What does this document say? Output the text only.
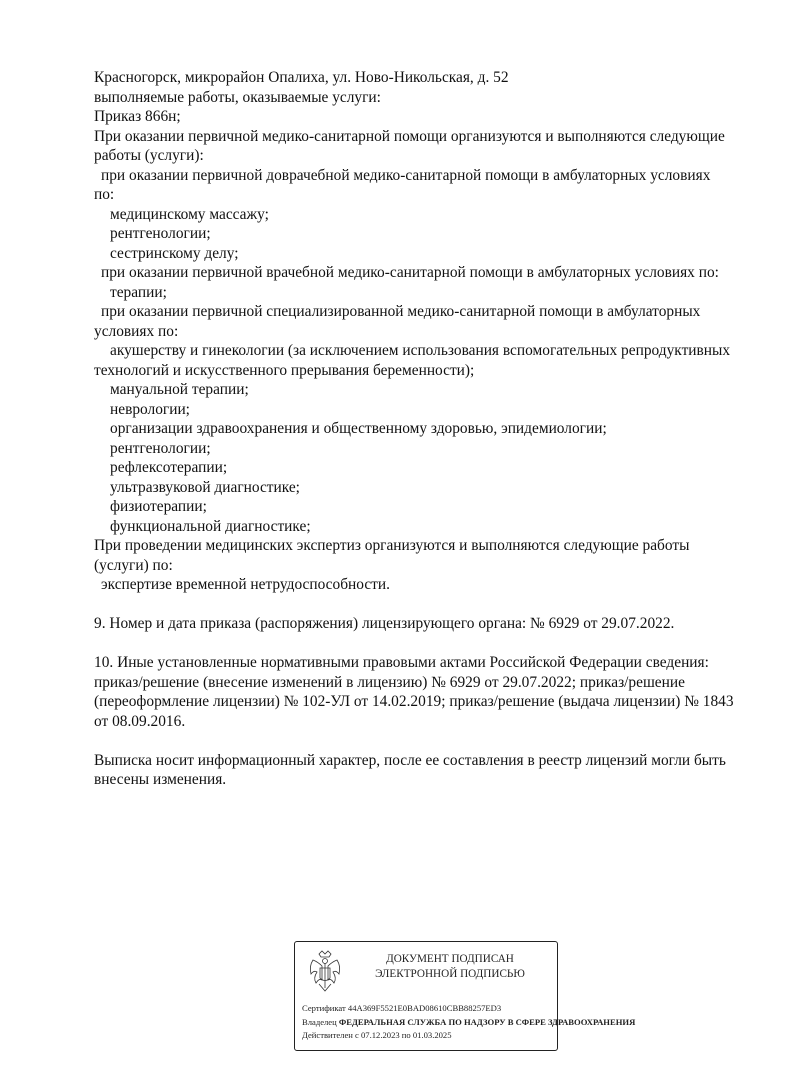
Красногорск, микрорайон Опалиха, ул. Ново-Никольская, д. 52
выполняемые работы, оказываемые услуги:
Приказ 866н;
При оказании первичной медико-санитарной помощи организуются и выполняются следующие
работы (услуги):
при оказании первичной доврачебной медико-санитарной помощи в амбулаторных условиях
по:
медицинскому массажу;
рентгенологии;
сестринскому делу;
при оказании первичной врачебной медико-санитарной помощи в амбулаторных условиях по:
терапии;
при оказании первичной специализированной медико-санитарной помощи в амбулаторных
условиях по:
акушерству и гинекологии (за исключением использования вспомогательных репродуктивных
технологий и искусственного прерывания беременности);
мануальной терапии;
неврологии;
организации здравоохранения и общественному здоровью, эпидемиологии;
рентгенологии;
рефлексотерапии;
ультразвуковой диагностике;
физиотерапии;
функциональной диагностике;
При проведении медицинских экспертиз организуются и выполняются следующие работы
(услуги) по:
экспертизе временной нетрудоспособности.
9. Номер и дата приказа (распоряжения) лицензирующего органа: № 6929 от 29.07.2022.
10. Иные установленные нормативными правовыми актами Российской Федерации сведения:
приказ/решение (внесение изменений в лицензию) № 6929 от 29.07.2022; приказ/решение
(переоформление лицензии) № 102-УЛ от 14.02.2019; приказ/решение (выдача лицензии) № 1843
от 08.09.2016.
Выписка носит информационный характер, после ее составления в реестр лицензий могли быть
внесены изменения.
ДОКУМЕНТ ПОДПИСАН
ЭЛЕКТРОННОЙ ПОДПИСЬЮ
Сертификат 44A369F5521E0BAD08610CBB88257ED3
Владелец ФЕДЕРАЛЬНАЯ СЛУЖБА ПО НАДЗОРУ В СФЕРЕ ЗДРАВООХРАНЕНИЯ
Действителен с 07.12.2023 по 01.03.2025
